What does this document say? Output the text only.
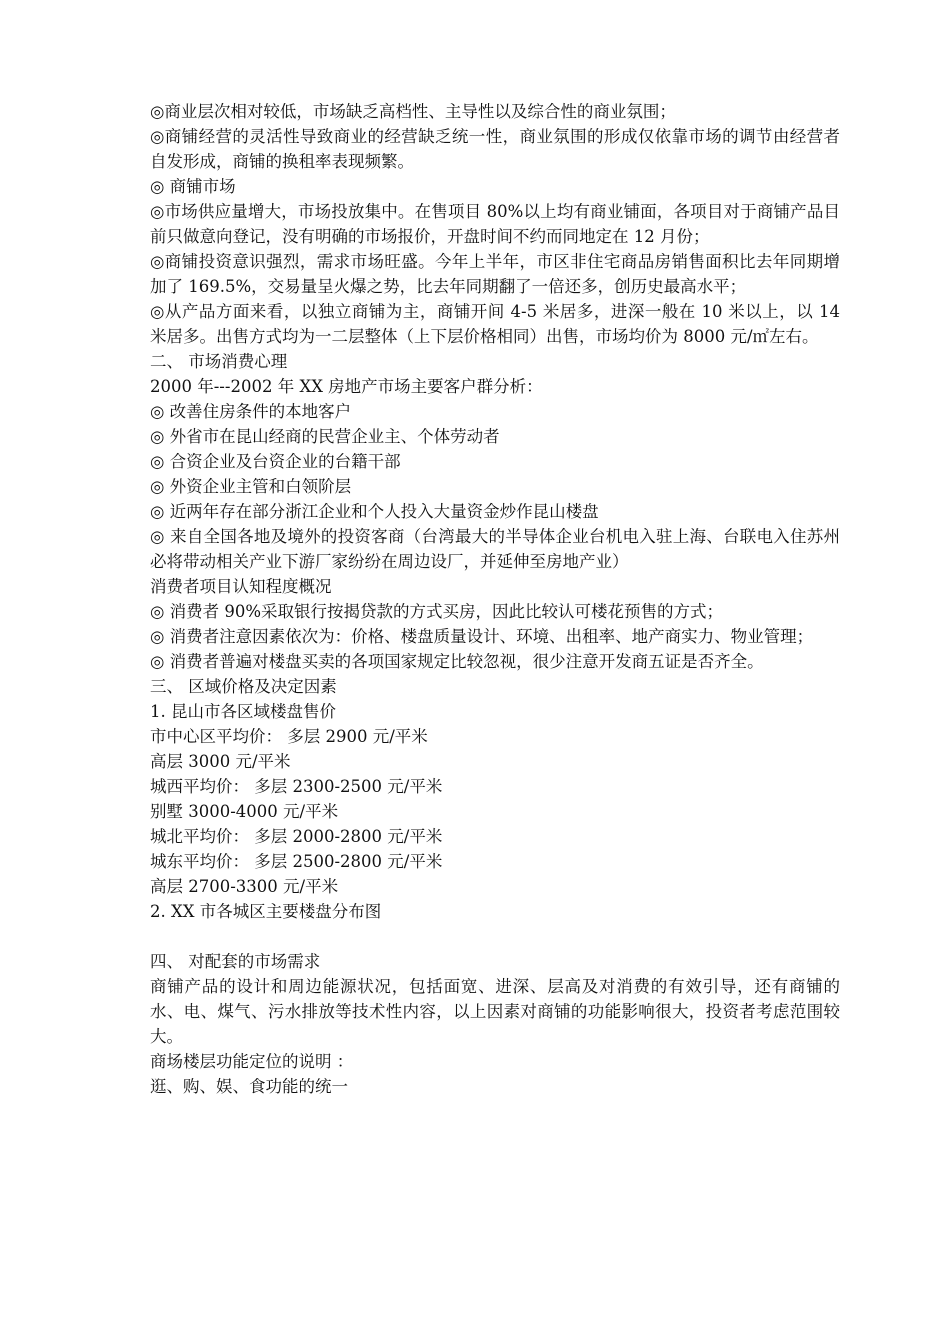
◎商业层次相对较低，市场缺乏高档性、主导性以及综合性的商业氛围；

◎商铺经营的灵活性导致商业的经营缺乏统一性，商业氛围的形成仅依靠市场的调节由经营者自发形成，商铺的换租率表现频繁。

◎ 商铺市场

◎市场供应量增大，市场投放集中。在售项目 80%以上均有商业铺面，各项目对于商铺产品目前只做意向登记，没有明确的市场报价，开盘时间不约而同地定在 12 月份；

◎商铺投资意识强烈，需求市场旺盛。今年上半年，市区非住宅商品房销售面积比去年同期增加了 169.5%，交易量呈火爆之势，比去年同期翻了一倍还多，创历史最高水平；

◎从产品方面来看，以独立商铺为主，商铺开间 4-5 米居多，进深一般在 10 米以上，以 14 米居多。出售方式均为一二层整体（上下层价格相同）出售，市场均价为 8000 元/㎡左右。

二、 市场消费心理

2000 年---2002 年 XX 房地产市场主要客户群分析：

◎ 改善住房条件的本地客户

◎ 外省市在昆山经商的民营企业主、个体劳动者

◎ 合资企业及台资企业的台籍干部

◎ 外资企业主管和白领阶层

◎ 近两年存在部分浙江企业和个人投入大量资金炒作昆山楼盘

◎ 来自全国各地及境外的投资客商（台湾最大的半导体企业台机电入驻上海、台联电入住苏州必将带动相关产业下游厂家纷纷在周边设厂，并延伸至房地产业）

消费者项目认知程度概况

◎ 消费者 90%采取银行按揭贷款的方式买房，因此比较认可楼花预售的方式；

◎ 消费者注意因素依次为：价格、楼盘质量设计、环境、出租率、地产商实力、物业管理；

◎ 消费者普遍对楼盘买卖的各项国家规定比较忽视，很少注意开发商五证是否齐全。

三、 区域价格及决定因素

1. 昆山市各区域楼盘售价

市中心区平均价： 多层 2900 元/平米

高层 3000 元/平米

城西平均价： 多层 2300-2500 元/平米

别墅 3000-4000 元/平米

城北平均价： 多层 2000-2800 元/平米

城东平均价： 多层 2500-2800 元/平米

高层 2700-3300 元/平米

2. XX 市各城区主要楼盘分布图

四、 对配套的市场需求

商铺产品的设计和周边能源状况，包括面宽、进深、层高及对消费的有效引导，还有商铺的水、电、煤气、污水排放等技术性内容，以上因素对商铺的功能影响很大，投资者考虑范围较大。

商场楼层功能定位的说明 ：

逛、购、娱、食功能的统一
